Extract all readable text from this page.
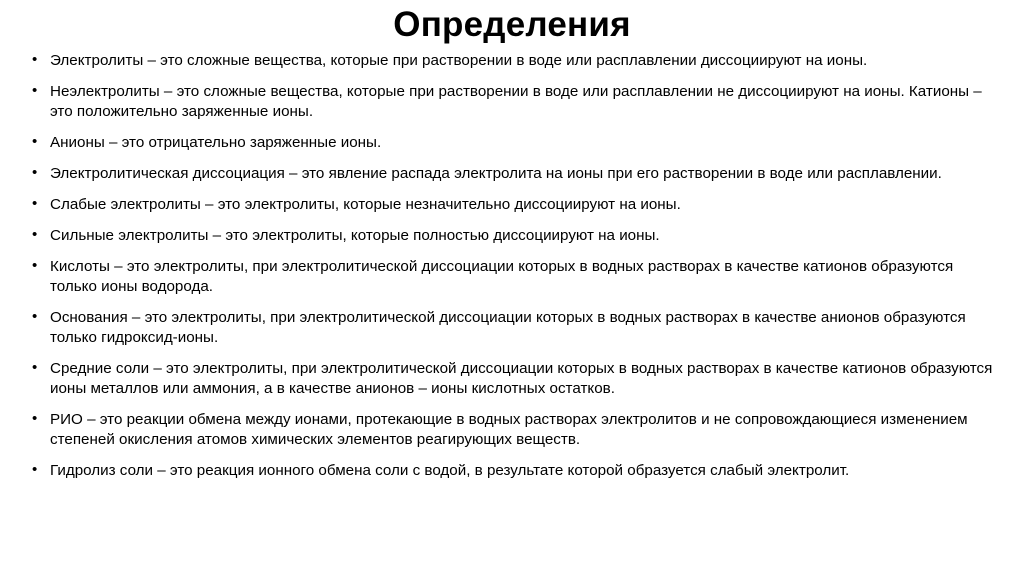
Определения
• Электролиты – это сложные вещества, которые при растворении в воде или расплавлении диссоциируют на ионы.
• Неэлектролиты – это сложные вещества, которые при растворении в воде или расплавлении не диссоциируют на ионы. Катионы – это положительно заряженные ионы.
• Анионы – это отрицательно заряженные ионы.
• Электролитическая диссоциация – это явление распада электролита на ионы при его растворении в воде или расплавлении.
• Слабые электролиты – это электролиты, которые незначительно диссоциируют на ионы.
• Сильные электролиты – это электролиты, которые полностью диссоциируют на ионы.
• Кислоты – это электролиты, при электролитической диссоциации которых в водных растворах в качестве катионов образуются только ионы водорода.
• Основания – это электролиты, при электролитической диссоциации которых в водных растворах в качестве анионов образуются только гидроксид-ионы.
• Средние соли – это электролиты, при электролитической диссоциации которых в водных растворах в качестве катионов образуются ионы металлов или аммония, а в качестве анионов – ионы кислотных остатков.
• РИО – это реакции обмена между ионами, протекающие в водных растворах электролитов и не сопровождающиеся изменением степеней окисления атомов химических элементов реагирующих веществ.
• Гидролиз соли – это реакция ионного обмена соли с водой, в результате которой образуется слабый электролит.
